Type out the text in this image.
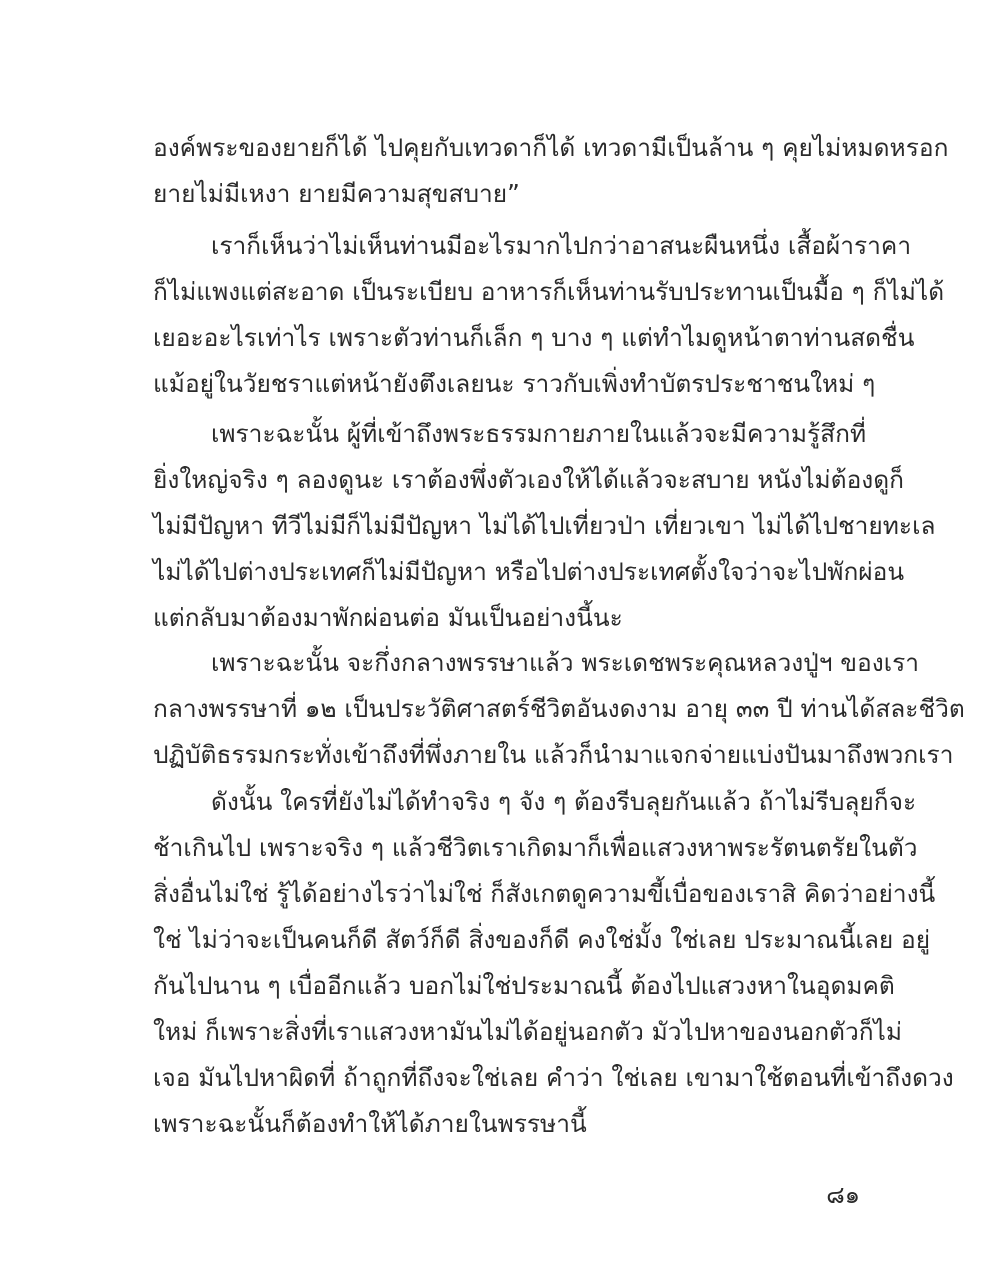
องค์พระของยายก็ได้ ไปคุยกับเทวดาก็ได้ เทวดามีเป็นล้าน ๆ คุยไม่หมดหรอก
ยายไม่มีเหงา ยายมีความสุขสบาย”
เราก็เห็นว่าไม่เห็นท่านมีอะไรมากไปกว่าอาสนะผืนหนึ่ง เสื้อผ้าราคา
ก็ไม่แพงแต่สะอาด เป็นระเบียบ อาหารก็เห็นท่านรับประทานเป็นมื้อ ๆ ก็ไม่ได้
เยอะอะไรเท่าไร เพราะตัวท่านก็เล็ก ๆ บาง ๆ แต่ทำไมดูหน้าตาท่านสดชื่น
แม้อยู่ในวัยชราแต่หน้ายังตึงเลยนะ ราวกับเพิ่งทำบัตรประชาชนใหม่ ๆ
เพราะฉะนั้น ผู้ที่เข้าถึงพระธรรมกายภายในแล้วจะมีความรู้สึกที่
ยิ่งใหญ่จริง ๆ ลองดูนะ เราต้องพึ่งตัวเองให้ได้แล้วจะสบาย หนังไม่ต้องดูก็
ไม่มีปัญหา ทีวีไม่มีก็ไม่มีปัญหา ไม่ได้ไปเที่ยวป่า เที่ยวเขา ไม่ได้ไปชายทะเล
ไม่ได้ไปต่างประเทศก็ไม่มีปัญหา หรือไปต่างประเทศตั้งใจว่าจะไปพักผ่อน
แต่กลับมาต้องมาพักผ่อนต่อ มันเป็นอย่างนี้นะ
เพราะฉะนั้น จะกึ่งกลางพรรษาแล้ว พระเดชพระคุณหลวงปู่ฯ ของเรา
กลางพรรษาที่ ๑๒ เป็นประวัติศาสตร์ชีวิตอันงดงาม อายุ ๓๓ ปี ท่านได้สละชีวิต
ปฏิบัติธรรมกระทั่งเข้าถึงที่พึ่งภายใน แล้วก็นำมาแจกจ่ายแบ่งปันมาถึงพวกเรา
ดังนั้น ใครที่ยังไม่ได้ทำจริง ๆ จัง ๆ ต้องรีบลุยกันแล้ว ถ้าไม่รีบลุยก็จะ
ช้าเกินไป เพราะจริง ๆ แล้วชีวิตเราเกิดมาก็เพื่อแสวงหาพระรัตนตรัยในตัว
สิ่งอื่นไม่ใช่ รู้ได้อย่างไรว่าไม่ใช่ ก็สังเกตดูความขี้เบื่อของเราสิ คิดว่าอย่างนี้
ใช่ ไม่ว่าจะเป็นคนก็ดี สัตว์ก็ดี สิ่งของก็ดี คงใช่มั้ง ใช่เลย ประมาณนี้เลย อยู่
กันไปนาน ๆ เบื่ออีกแล้ว บอกไม่ใช่ประมาณนี้ ต้องไปแสวงหาในอุดมคติ
ใหม่ ก็เพราะสิ่งที่เราแสวงหามันไม่ได้อยู่นอกตัว มัวไปหาของนอกตัวก็ไม่
เจอ มันไปหาผิดที่ ถ้าถูกที่ถึงจะใช่เลย คำว่า ใช่เลย เขามาใช้ตอนที่เข้าถึงดวง
เพราะฉะนั้นก็ต้องทำให้ได้ภายในพรรษานี้
๘๑
